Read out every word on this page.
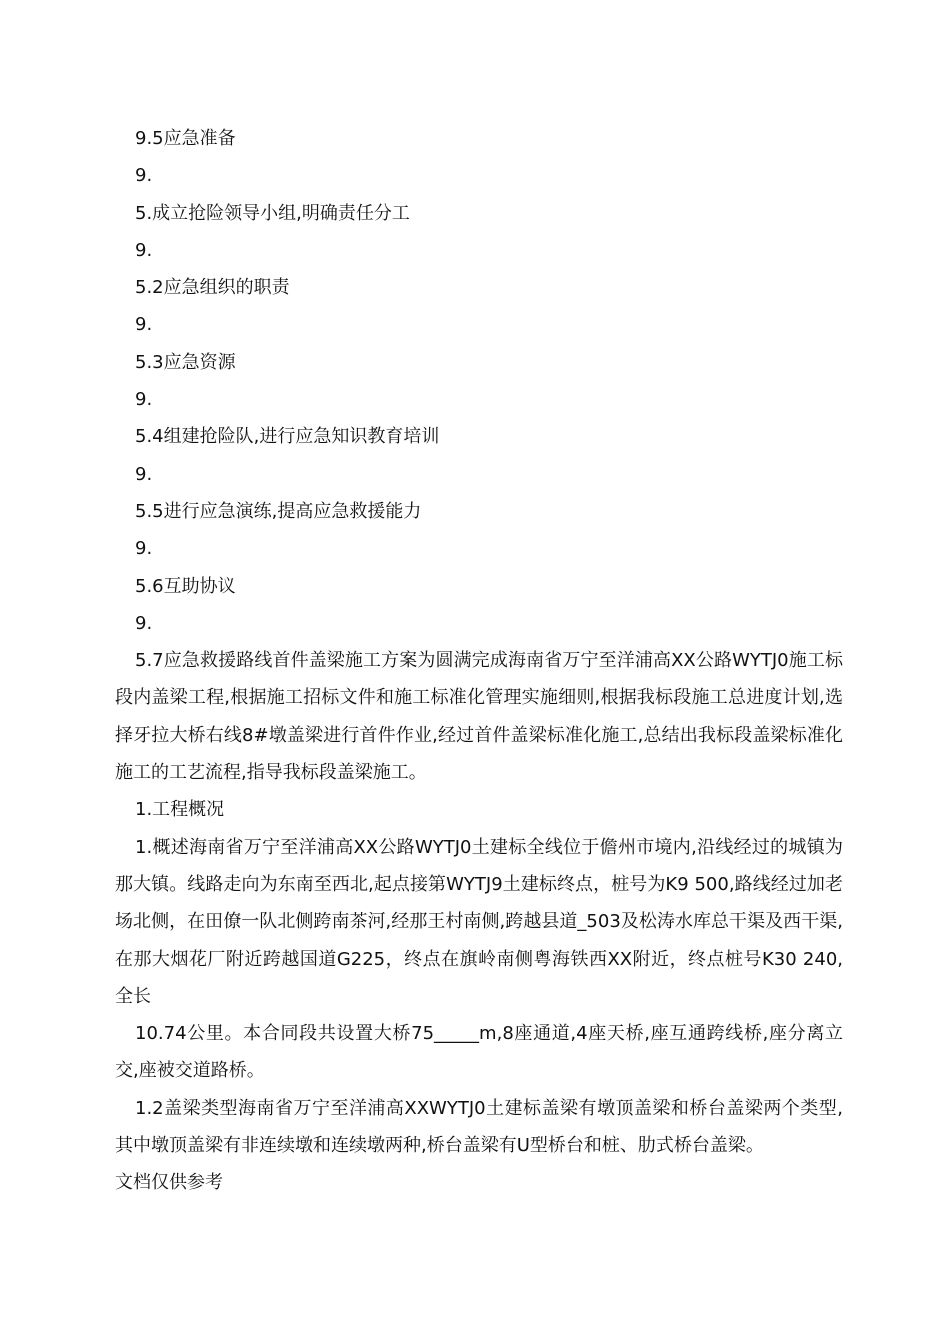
9.5应急准备
9.
5.成立抢险领导小组,明确责任分工
9.
5.2应急组织的职责
9.
5.3应急资源
9.
5.4组建抢险队,进行应急知识教育培训
9.
5.5进行应急演练,提高应急救援能力
9.
5.6互助协议
9.
5.7应急救援路线首件盖梁施工方案为圆满完成海南省万宁至洋浦高XX公路WYTJ0施工标段内盖梁工程,根据施工招标文件和施工标准化管理实施细则,根据我标段施工总进度计划,选择牙拉大桥右线8#墩盖梁进行首件作业,经过首件盖梁标准化施工,总结出我标段盖梁标准化施工的工艺流程,指导我标段盖梁施工。
1.工程概况
1.概述海南省万宁至洋浦高XX公路WYTJ0土建标全线位于儋州市境内,沿线经过的城镇为那大镇。线路走向为东南至西北,起点接第WYTJ9土建标终点，桩号为K9 500,路线经过加老场北侧，在田僚一队北侧跨南茶河,经那王村南侧,跨越县道_503及松涛水库总干渠及西干渠,在那大烟花厂附近跨越国道G225，终点在旗岭南侧粤海铁西XX附近，终点桩号K30 240,全长
10.74公里。本合同段共设置大桥75_____m,8座通道,4座天桥,座互通跨线桥,座分离立交,座被交道路桥。
1.2盖梁类型海南省万宁至洋浦高XXWYTJ0土建标盖梁有墩顶盖梁和桥台盖梁两个类型,其中墩顶盖梁有非连续墩和连续墩两种,桥台盖梁有U型桥台和桩、肋式桥台盖梁。
文档仅供参考
